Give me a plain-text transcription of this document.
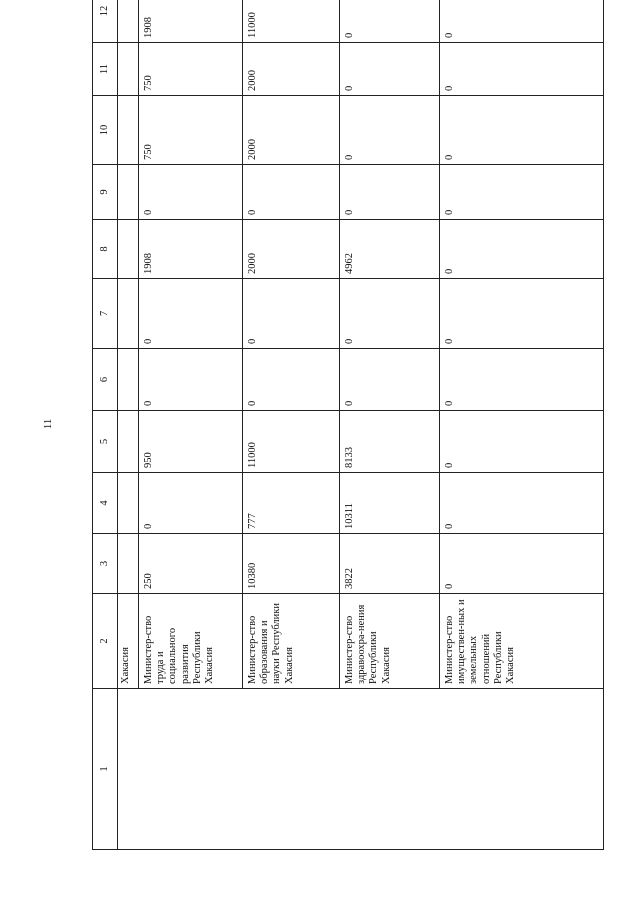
11
1	2	3	4	5	6	7	8	9	10	11	12
	Хакасия										
	Министер-ство труда и социального развития Республики Хакасия	250	0	950	0	0	1908	0	750	750	1908
	Министер-ство образования и науки Республики Хакасия	10380	777	11000	0	0	2000	0	2000	2000	11000
	Министер-ство здравоохра-нения Республики Хакасия	3822	10311	8133	0	0	4962	0	0	0	0
	Министер-ство имуществен-ных и земельных отношений Республики Хакасия	0	0	0	0	0	0	0	0	0	0
